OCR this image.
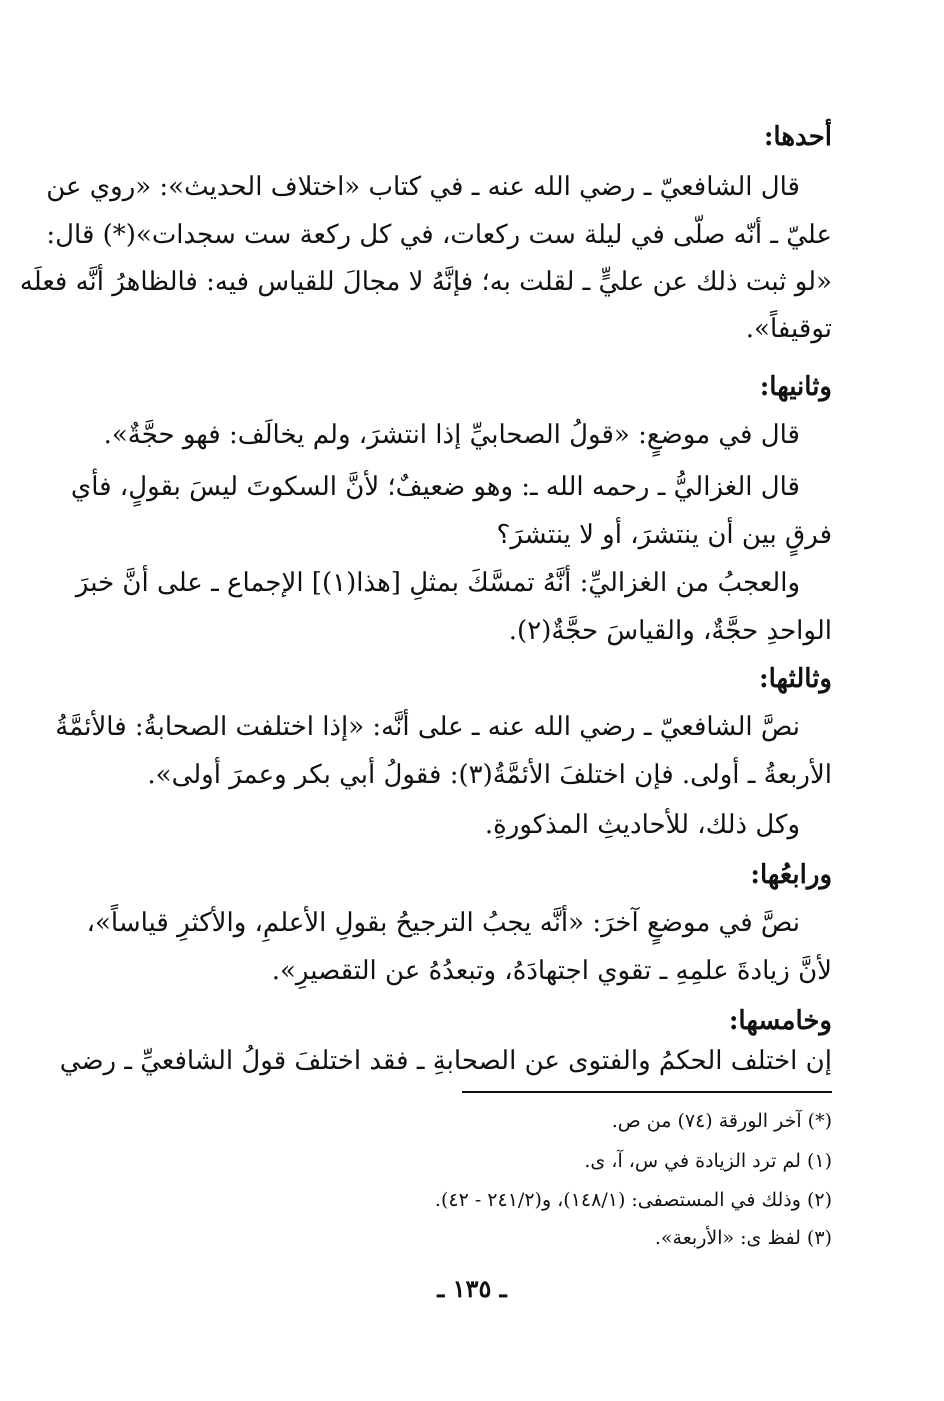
أحدها:
قال الشافعيّ ـ رضي الله عنه ـ في كتاب «اختلاف الحديث»: «روي عن
عليّ ـ أنّه صلّى في ليلة ست ركعات، في كل ركعة ست سجدات»(*) قال:
«لو ثبت ذلك عن عليٍّ ـ لقلت به؛ فإنَّهُ لا مجالَ للقياس فيه: فالظاهرُ أنَّه فعلَه
توقيفاً».
وثانيها:
قال في موضعٍ: «قولُ الصحابيِّ إذا انتشرَ، ولم يخالَف: فهو حجَّةٌ».
قال الغزاليُّ ـ رحمه الله ـ: وهو ضعيفٌ؛ لأنَّ السكوتَ ليسَ بقولٍ، فأي
فرقٍ بين أن ينتشرَ، أو لا ينتشرَ؟
والعجبُ من الغزاليِّ: أنَّهُ تمسَّكَ بمثلِ [هذا(١)] الإجماع ـ على أنَّ خبرَ
الواحدِ حجَّةٌ، والقياسَ حجَّةٌ(٢).
وثالثها:
نصَّ الشافعيّ ـ رضي الله عنه ـ على أنَّه: «إذا اختلفت الصحابةُ: فالأئمَّةُ
الأربعةُ ـ أولى. فإن اختلفَ الأئمَّةُ(٣): فقولُ أبي بكر وعمرَ أولى».
وكل ذلك، للأحاديثِ المذكورةِ.
ورابعُها:
نصَّ في موضعٍ آخرَ: «أنَّه يجبُ الترجيحُ بقولِ الأعلمِ، والأكثرِ قياساً»،
لأنَّ زيادةَ علمِهِ ـ تقوي اجتهادَهُ، وتبعدُهُ عن التقصيرِ».
وخامسها:
إن اختلف الحكمُ والفتوى عن الصحابةِ ـ فقد اختلفَ قولُ الشافعيِّ ـ رضي
(*) آخر الورقة (٧٤) من ص.
(١) لم ترد الزيادة في س، آ، ى.
(٢) وذلك في المستصفى: (١٤٨/١)، و(٢٤١/٢ - ٤٢).
(٣) لفظ ى: «الأربعة».
ـ ١٣٥ ـ
